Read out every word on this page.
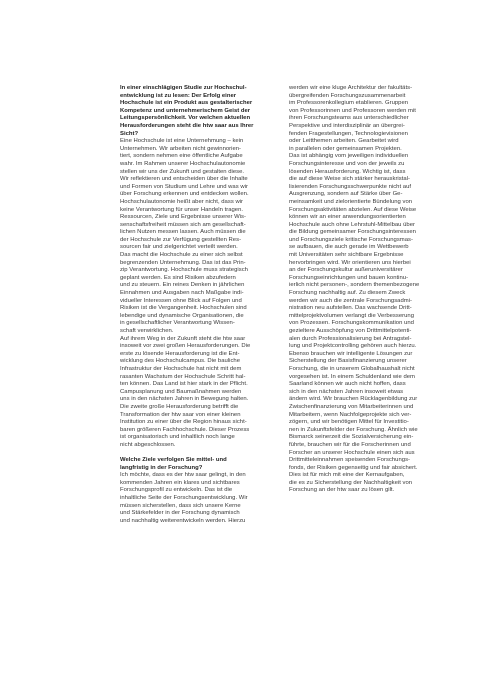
In einer einschlägigen Studie zur Hochschul-

entwicklung ist zu lesen: Der Erfolg einer

Hochschule ist ein Produkt aus gestalterischer

Kompetenz und unternehmerischem Geist der

Leitungspersönlichkeit. Vor welchen aktuellen

Herausforderungen steht die htw saar aus Ihrer

Sicht?

Eine Hochschule ist eine Unternehmung – kein

Unternehmen. Wir arbeiten nicht gewinnorien-

tiert, sondern nehmen eine öffentliche Aufgabe

wahr. Im Rahmen unserer Hochschulautonomie

stellen wir uns der Zukunft und gestalten diese.

Wir reflektieren und entscheiden über die Inhalte

und Formen von Studium und Lehre und was wir

über Forschung erkennen und entdecken wollen.

Hochschulautonomie heißt aber nicht, dass wir

keine Verantwortung für unser Handeln tragen.

Ressourcen, Ziele und Ergebnisse unserer Wis-

senschaftsfreiheit müssen sich am gesellschaft-

lichen Nutzen messen lassen. Auch müssen die

der Hochschule zur Verfügung gestellten Res-

sourcen fair und zielgerichtet verteilt werden.

Das macht die Hochschule zu einer sich selbst

begrenzenden Unternehmung. Das ist das Prin-

zip Verantwortung. Hochschule muss strategisch

geplant werden. Es sind Risiken abzufedern

und zu steuern. Ein reines Denken in jährlichen

Einnahmen und Ausgaben nach Maßgabe indi-

vidueller Interessen ohne Blick auf Folgen und

Risiken ist die Vergangenheit. Hochschulen sind

lebendige und dynamische Organisationen, die

in gesellschaftlicher Verantwortung Wissen-

schaft verwirklichen.

Auf ihrem Weg in der Zukunft steht die htw saar

insoweit vor zwei großen Herausforderungen. Die

erste zu lösende Herausforderung ist die Ent-

wicklung des Hochschulcampus. Die bauliche

Infrastruktur der Hochschule hat nicht mit dem

rasanten Wachstum der Hochschule Schritt hal-

ten können. Das Land ist hier stark in der Pflicht.

Campusplanung und Baumaßnahmen werden

uns in den nächsten Jahren in Bewegung halten.

Die zweite große Herausforderung betrifft die

Transformation der htw saar von einer kleinen

Institution zu einer über die Region hinaus sicht-

baren größeren Fachhochschule. Dieser Prozess

ist organisatorisch und inhaltlich noch lange

nicht abgeschlossen.

Welche Ziele verfolgen Sie mittel- und

langfristig in der Forschung?

Ich möchte, dass es der htw saar gelingt, in den

kommenden Jahren ein klares und sichtbares

Forschungsprofil zu entwickeln. Das ist die

inhaltliche Seite der Forschungsentwicklung. Wir

müssen sicherstellen, dass sich unsere Kerne

und Stärkefelder in der Forschung dynamisch

und nachhaltig weiterentwickeln werden. Hierzu

werden wir eine kluge Architektur der fakultäts-

übergreifenden Forschungszusammenarbeit

im Professorenkollegium etablieren. Gruppen

von Professorinnen und Professoren werden mit

ihren Forschungsteams aus unterschiedlicher

Perspektive und interdisziplinär an übergrei-

fenden Fragestellungen, Technologievisionen

oder Leitthemen arbeiten. Gearbeitet wird

in parallelen oder gemeinsamen Projekten.

Das ist abhängig vom jeweiligen individuellen

Forschungsinteresse und von der jeweils zu

lösenden Herausforderung. Wichtig ist, dass

die auf diese Weise sich stärker herauskristal-

lisierenden Forschungsschwerpunkte nicht auf

Ausgrenzung, sondern auf Stärke über Ge-

meinsamkeit und zielorientierte Bündelung von

Forschungsaktivitäten abzielen. Auf diese Weise

können wir an einer anwendungsorientierten

Hochschule auch ohne Lehrstuhl-Mittelbau über

die Bildung gemeinsamer Forschungsinteressen

und Forschungsziele kritische Forschungsmas-

se aufbauen, die auch gerade im Wettbewerb

mit Universitäten sehr sichtbare Ergebnisse

hervorbringen wird. Wir orientieren uns hierbei

an der Forschungskultur außeruniversitärer

Forschungseinrichtungen und bauen kontinu-

ierlich nicht personen-, sondern themenbezogene

Forschung nachhaltig auf. Zu diesem Zweck

werden wir auch die zentrale Forschungsadmi-

nistration neu aufstellen. Das wachsende Dritt-

mittelprojektvolumen verlangt die Verbesserung

von Prozessen. Forschungskommunikation und

gezieltere Ausschöpfung von Drittmittelpotenti-

alen durch Professionalisierung bei Antragstel-

lung und Projektcontrolling gehören auch hierzu.

Ebenso brauchen wir intelligente Lösungen zur

Sicherstellung der Basisfinanzierung unserer

Forschung, die in unserem Globalhaushalt nicht

vorgesehen ist. In einem Schuldenland wie dem

Saarland können wir auch nicht hoffen, dass

sich in den nächsten Jahren insoweit etwas

ändern wird. Wir brauchen Rücklagenbildung zur

Zwischenfinanzierung von Mitarbeiterinnen und

Mitarbeitern, wenn Nachfolgeprojekte sich ver-

zögern, und wir benötigen Mittel für Investitio-

nen in Zukunftsfelder der Forschung. Ähnlich wie

Bismarck seinerzeit die Sozialversicherung ein-

führte, brauchen wir für die Forscherinnen und

Forscher an unserer Hochschule einen sich aus

Drittmitteleinnahmen speisenden Forschungs-

fonds, der Risiken gegenseitig und fair absichert.

Dies ist für mich mit eine der Kernaufgaben,

die es zu Sicherstellung der Nachhaltigkeit von

Forschung an der htw saar zu lösen gilt.
